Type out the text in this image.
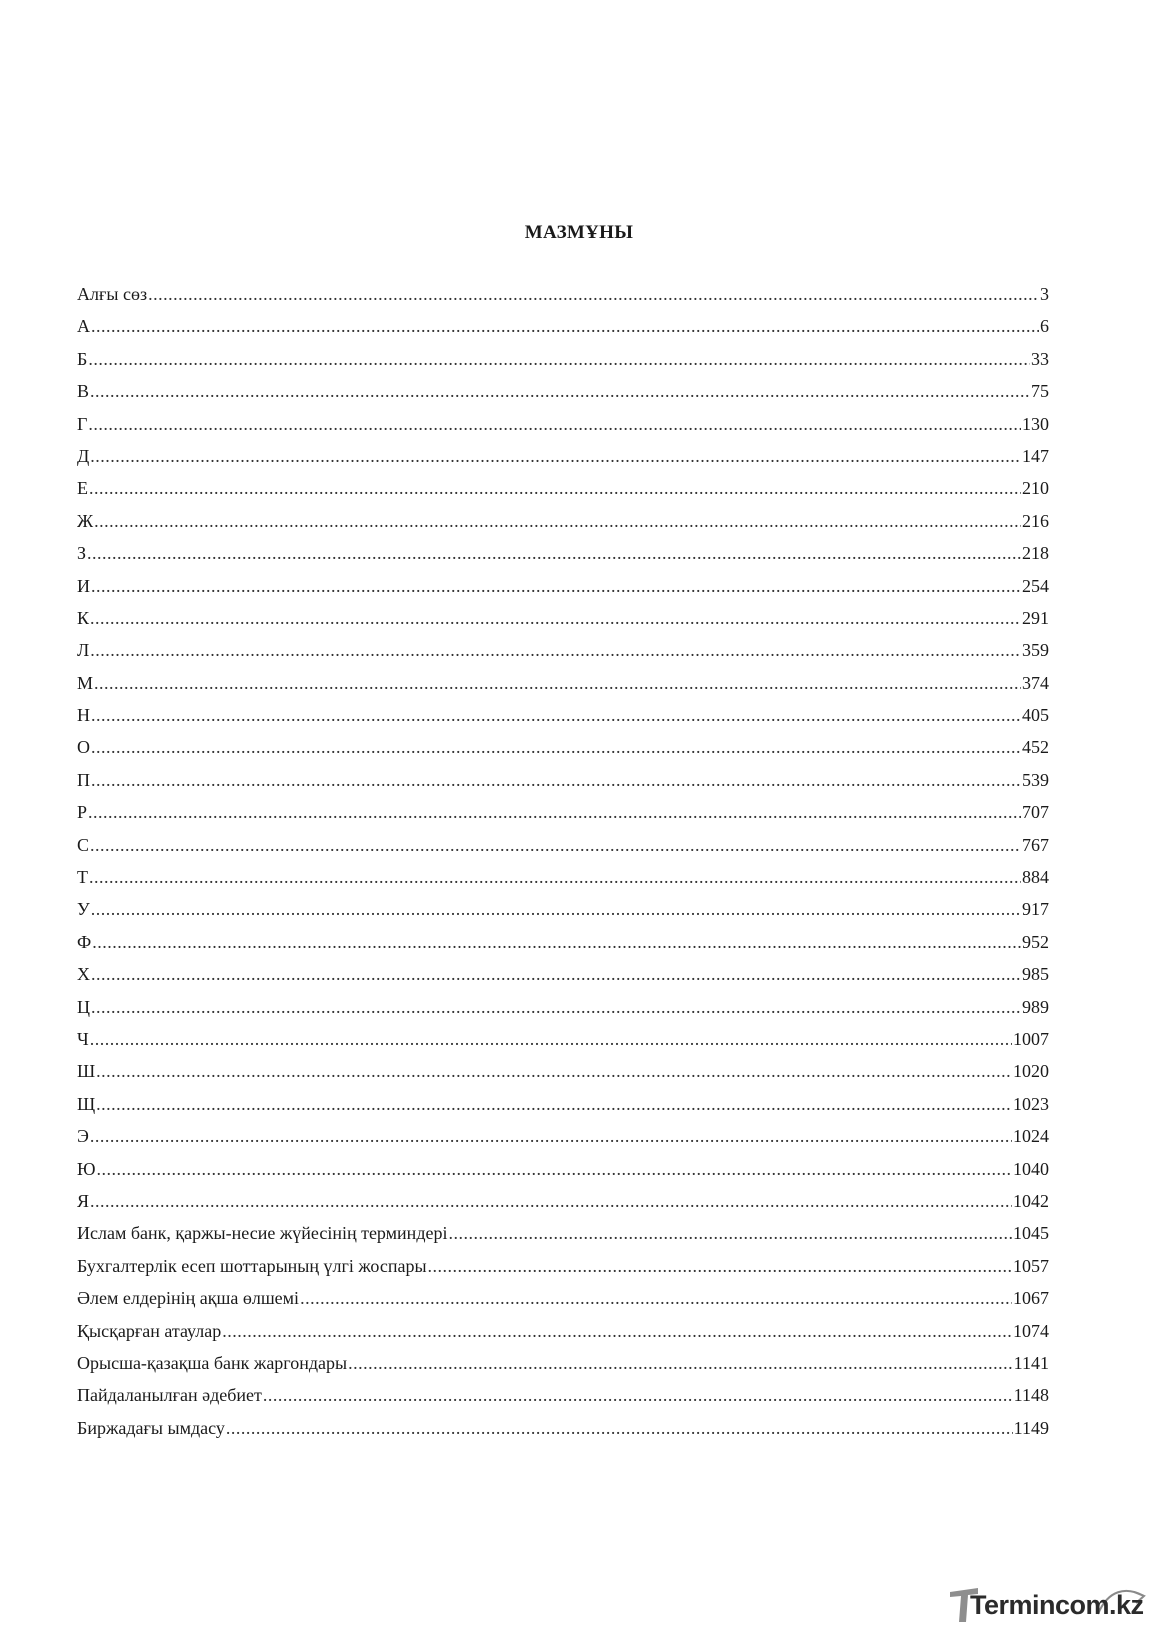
МАЗМҰНЫ
Алғы сөз .....	3
А .....	6
Б .....	33
В .....	75
Г .....	130
Д .....	147
Е .....	210
Ж .....	216
З .....	218
И .....	254
К .....	291
Л .....	359
М .....	374
Н .....	405
О .....	452
П .....	539
Р .....	707
С .....	767
Т .....	884
У .....	917
Ф .....	952
Х .....	985
Ц .....	989
Ч .....	1007
Ш .....	1020
Щ .....	1023
Э .....	1024
Ю .....	1040
Я .....	1042
Ислам банк, қаржы-несие жүйесінің терминдері .....	1045
Бухгалтерлік есеп шоттарының үлгі жоспары .....	1057
Әлем елдерінің ақша өлшемі .....	1067
Қысқарған атаулар .....	1074
Орысша-қазақша банк жаргондары .....	1141
Пайдаланылған әдебиет .....	1148
Биржадағы ымдасу .....	1149
Termincom.kz
